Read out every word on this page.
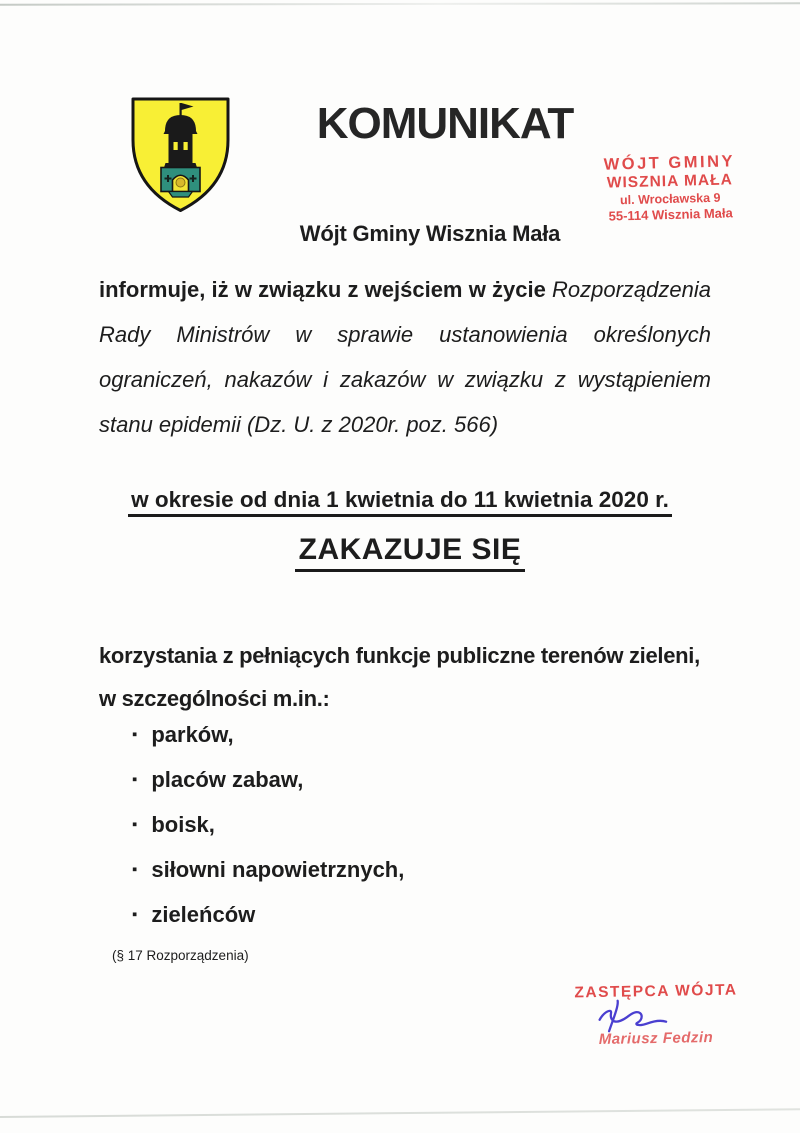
KOMUNIKAT
WÓJT GMINY
WISZNIA MAŁA
ul. Wrocławska 9
55-114 Wisznia Mała
Wójt Gminy Wisznia Mała
informuje, iż w związku z wejściem w życie Rozporządzenia Rady Ministrów w sprawie ustanowienia określonych ograniczeń, nakazów i zakazów w związku z wystąpieniem stanu epidemii (Dz. U. z 2020r. poz. 566)
w okresie od dnia 1 kwietnia do 11 kwietnia 2020 r.
ZAKAZUJE SIĘ
korzystania z pełniących funkcje publiczne terenów zieleni,
w szczególności m.in.:
▪ parków,
▪ placów zabaw,
▪ boisk,
▪ siłowni napowietrznych,
▪ zieleńców
(§ 17 Rozporządzenia)
ZASTĘPCA WÓJTA
Mariusz Fedzin
